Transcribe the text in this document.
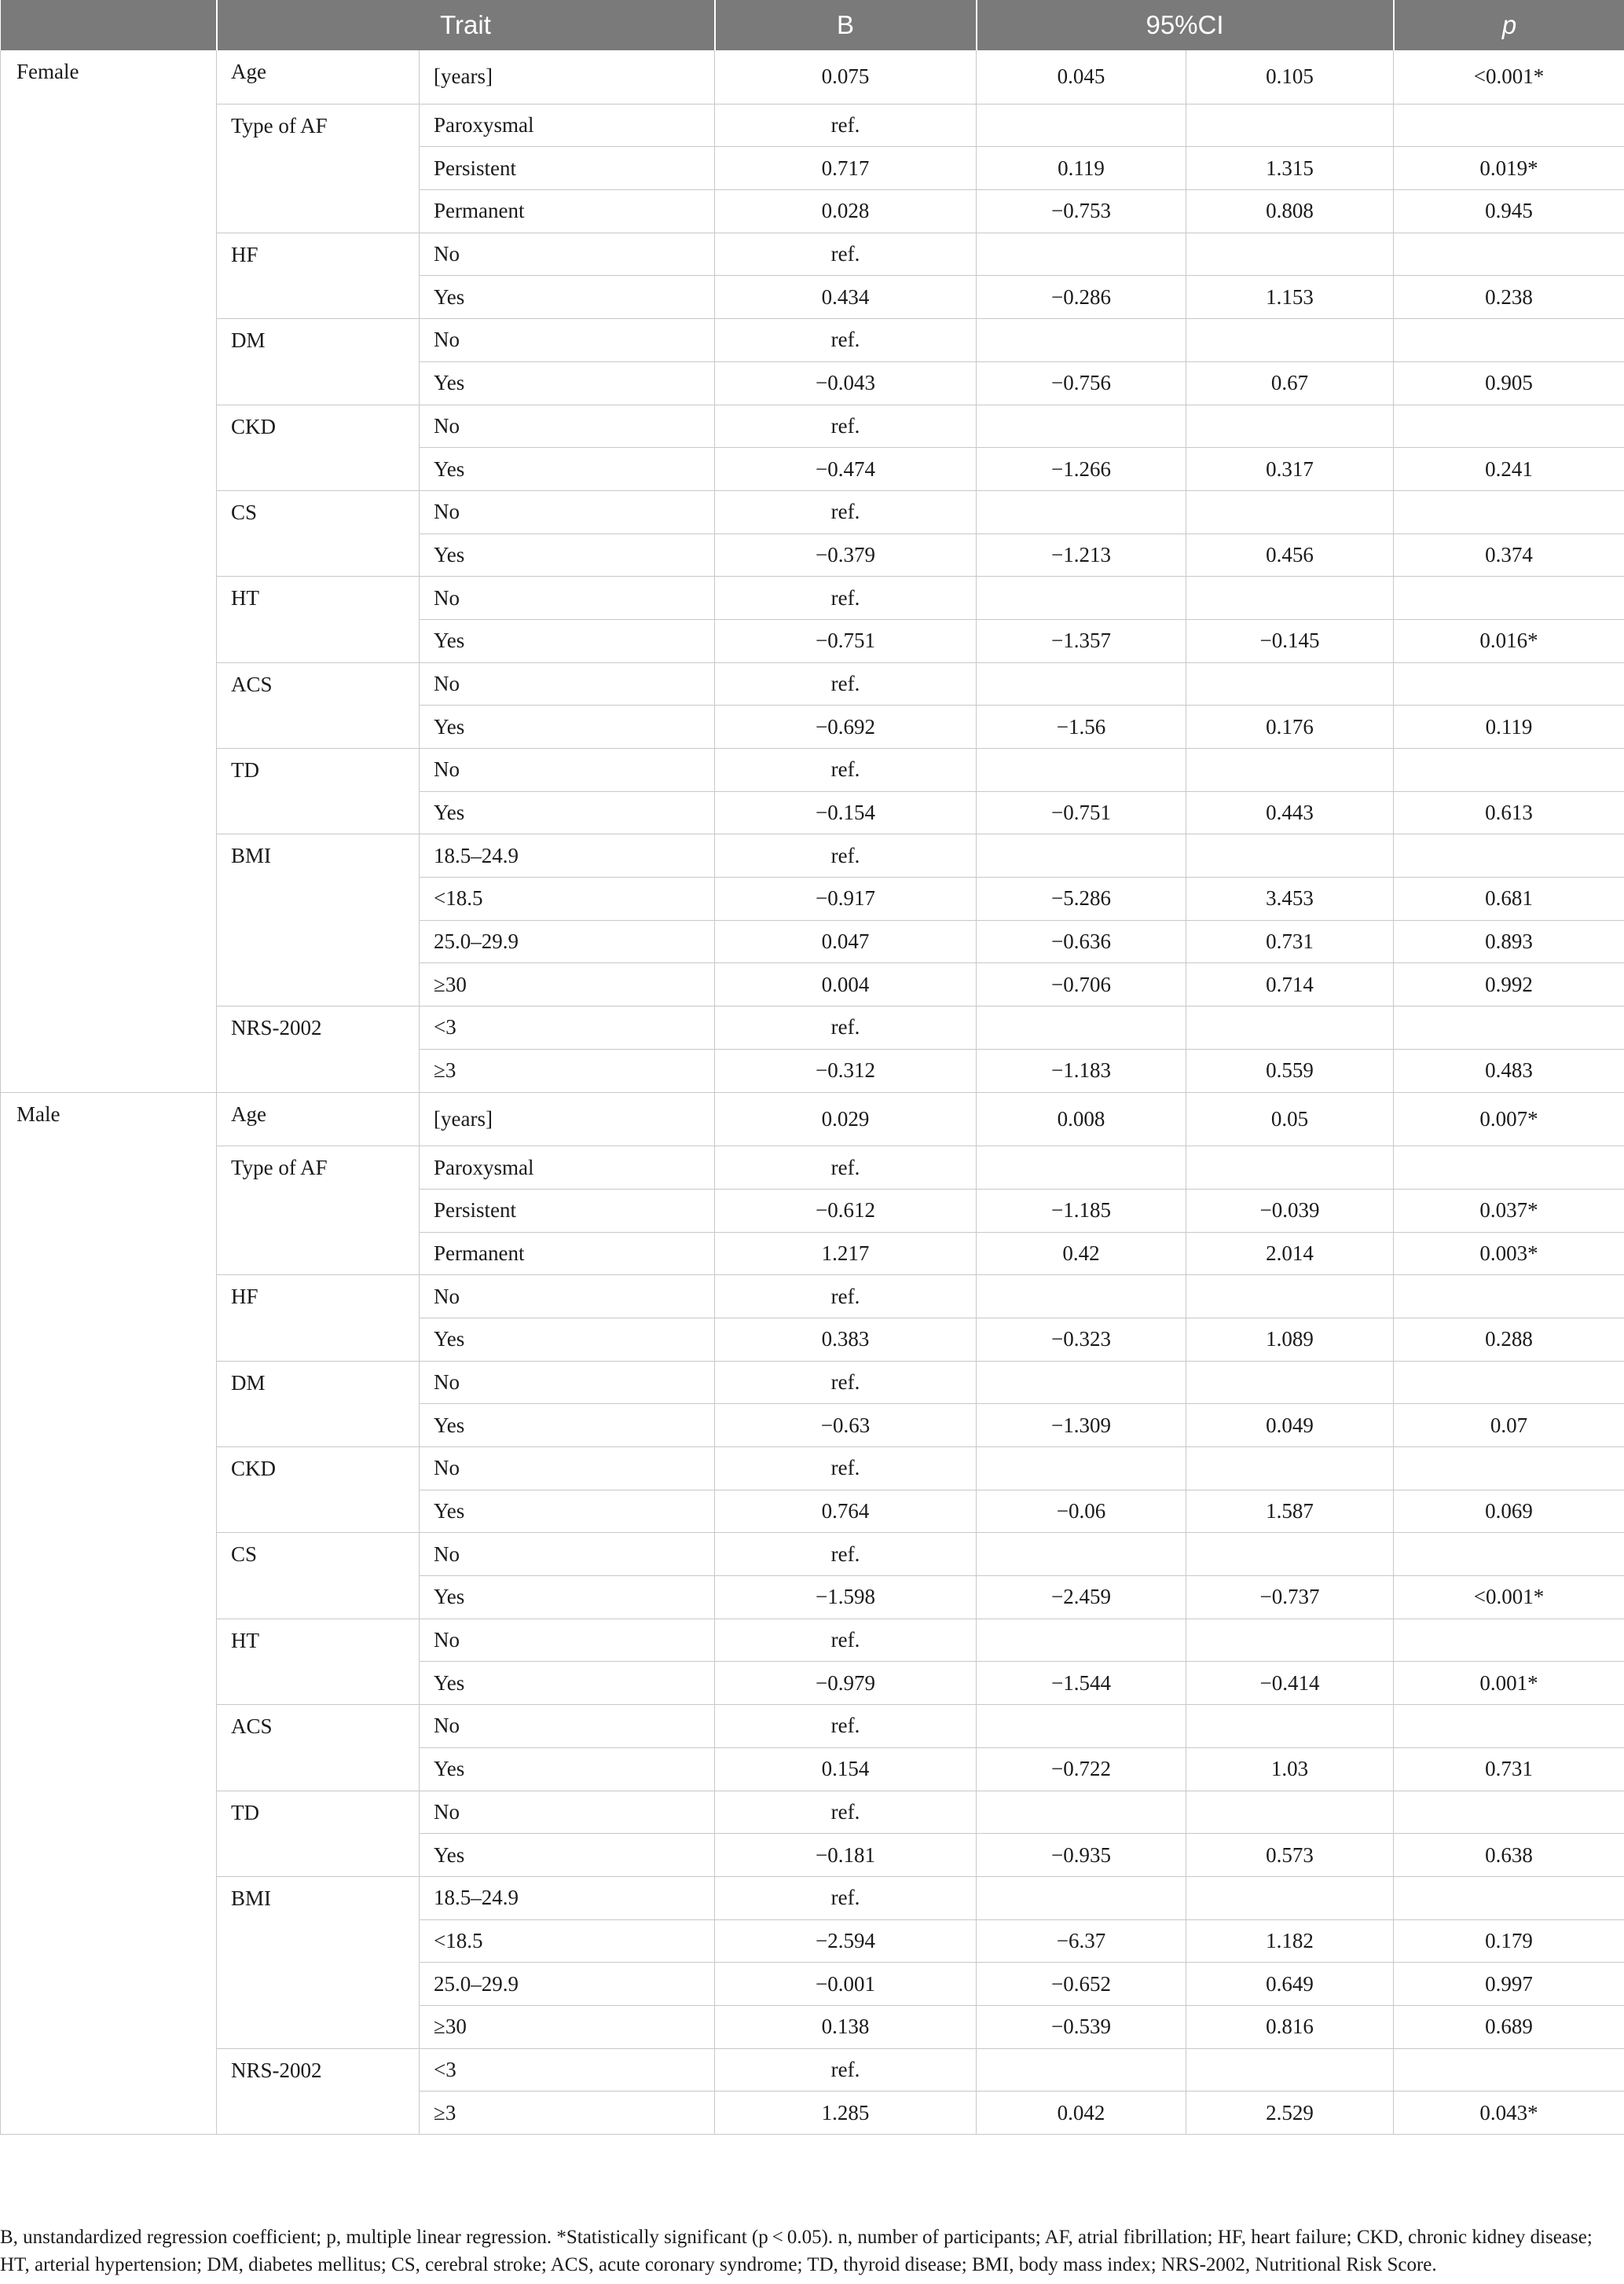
	Trait		B	95%CI		p
Female	Age	[years]	0.075	0.045	0.105	<0.001*
	Type of AF	Paroxysmal	ref.			
		Persistent	0.717	0.119	1.315	0.019*
		Permanent	0.028	−0.753	0.808	0.945
	HF	No	ref.			
		Yes	0.434	−0.286	1.153	0.238
	DM	No	ref.			
		Yes	−0.043	−0.756	0.67	0.905
	CKD	No	ref.			
		Yes	−0.474	−1.266	0.317	0.241
	CS	No	ref.			
		Yes	−0.379	−1.213	0.456	0.374
	HT	No	ref.			
		Yes	−0.751	−1.357	−0.145	0.016*
	ACS	No	ref.			
		Yes	−0.692	−1.56	0.176	0.119
	TD	No	ref.			
		Yes	−0.154	−0.751	0.443	0.613
	BMI	18.5–24.9	ref.			
		<18.5	−0.917	−5.286	3.453	0.681
		25.0–29.9	0.047	−0.636	0.731	0.893
		≥30	0.004	−0.706	0.714	0.992
	NRS-2002	<3	ref.			
		≥3	−0.312	−1.183	0.559	0.483
Male	Age	[years]	0.029	0.008	0.05	0.007*
	Type of AF	Paroxysmal	ref.			
		Persistent	−0.612	−1.185	−0.039	0.037*
		Permanent	1.217	0.42	2.014	0.003*
	HF	No	ref.			
		Yes	0.383	−0.323	1.089	0.288
	DM	No	ref.			
		Yes	−0.63	−1.309	0.049	0.07
	CKD	No	ref.			
		Yes	0.764	−0.06	1.587	0.069
	CS	No	ref.			
		Yes	−1.598	−2.459	−0.737	<0.001*
	HT	No	ref.			
		Yes	−0.979	−1.544	−0.414	0.001*
	ACS	No	ref.			
		Yes	0.154	−0.722	1.03	0.731
	TD	No	ref.			
		Yes	−0.181	−0.935	0.573	0.638
	BMI	18.5–24.9	ref.			
		<18.5	−2.594	−6.37	1.182	0.179
		25.0–29.9	−0.001	−0.652	0.649	0.997
		≥30	0.138	−0.539	0.816	0.689
	NRS-2002	<3	ref.			
		≥3	1.285	0.042	2.529	0.043*
B, unstandardized regression coefficient; p, multiple linear regression. *Statistically significant (p < 0.05). n, number of participants; AF, atrial fibrillation; HF, heart failure; CKD, chronic kidney disease; HT, arterial hypertension; DM, diabetes mellitus; CS, cerebral stroke; ACS, acute coronary syndrome; TD, thyroid disease; BMI, body mass index; NRS-2002, Nutritional Risk Score.
